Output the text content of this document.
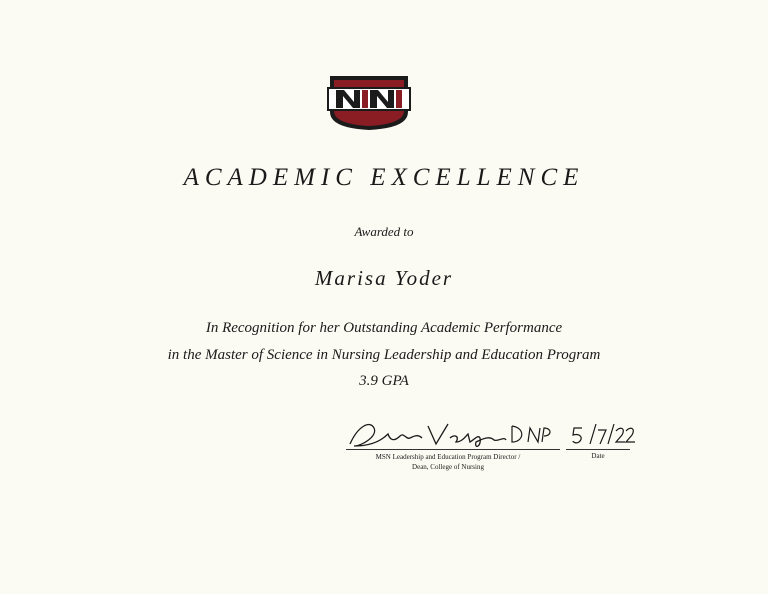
ACADEMIC EXCELLENCE
Awarded to
Marisa Yoder
In Recognition for her Outstanding Academic Performance
in the Master of Science in Nursing Leadership and Education Program
3.9 GPA
MSN Leadership and Education Program Director /
Dean, College of Nursing
Date
